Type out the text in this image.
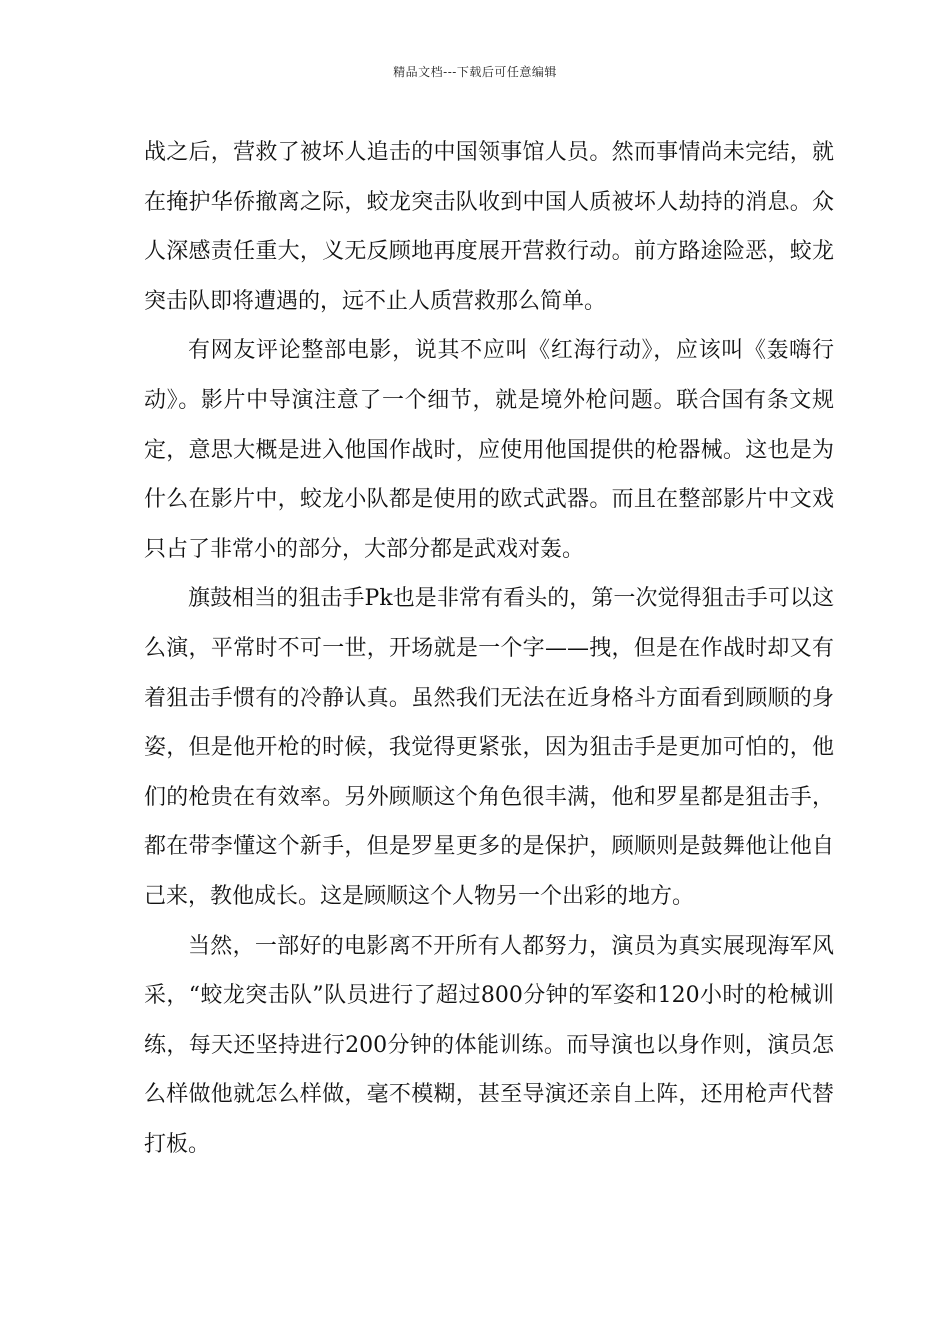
精品文档---下载后可任意编辑

战之后，营救了被坏人追击的中国领事馆人员。然而事情尚未完结，就在掩护华侨撤离之际，蛟龙突击队收到中国人质被坏人劫持的消息。众人深感责任重大，义无反顾地再度展开营救行动。前方路途险恶，蛟龙突击队即将遭遇的，远不止人质营救那么简单。

有网友评论整部电影，说其不应叫《红海行动》，应该叫《轰嗨行动》。影片中导演注意了一个细节，就是境外枪问题。联合国有条文规定，意思大概是进入他国作战时，应使用他国提供的枪器械。这也是为什么在影片中，蛟龙小队都是使用的欧式武器。而且在整部影片中文戏只占了非常小的部分，大部分都是武戏对轰。

旗鼓相当的狙击手Pk也是非常有看头的，第一次觉得狙击手可以这么演，平常时不可一世，开场就是一个字——拽，但是在作战时却又有着狙击手惯有的冷静认真。虽然我们无法在近身格斗方面看到顾顺的身姿，但是他开枪的时候，我觉得更紧张，因为狙击手是更加可怕的，他们的枪贵在有效率。另外顾顺这个角色很丰满，他和罗星都是狙击手，都在带李懂这个新手，但是罗星更多的是保护，顾顺则是鼓舞他让他自己来，教他成长。这是顾顺这个人物另一个出彩的地方。

当然，一部好的电影离不开所有人都努力，演员为真实展现海军风采，“蛟龙突击队”队员进行了超过800分钟的军姿和120小时的枪械训练，每天还坚持进行200分钟的体能训练。而导演也以身作则，演员怎么样做他就怎么样做，毫不模糊，甚至导演还亲自上阵，还用枪声代替打板。
